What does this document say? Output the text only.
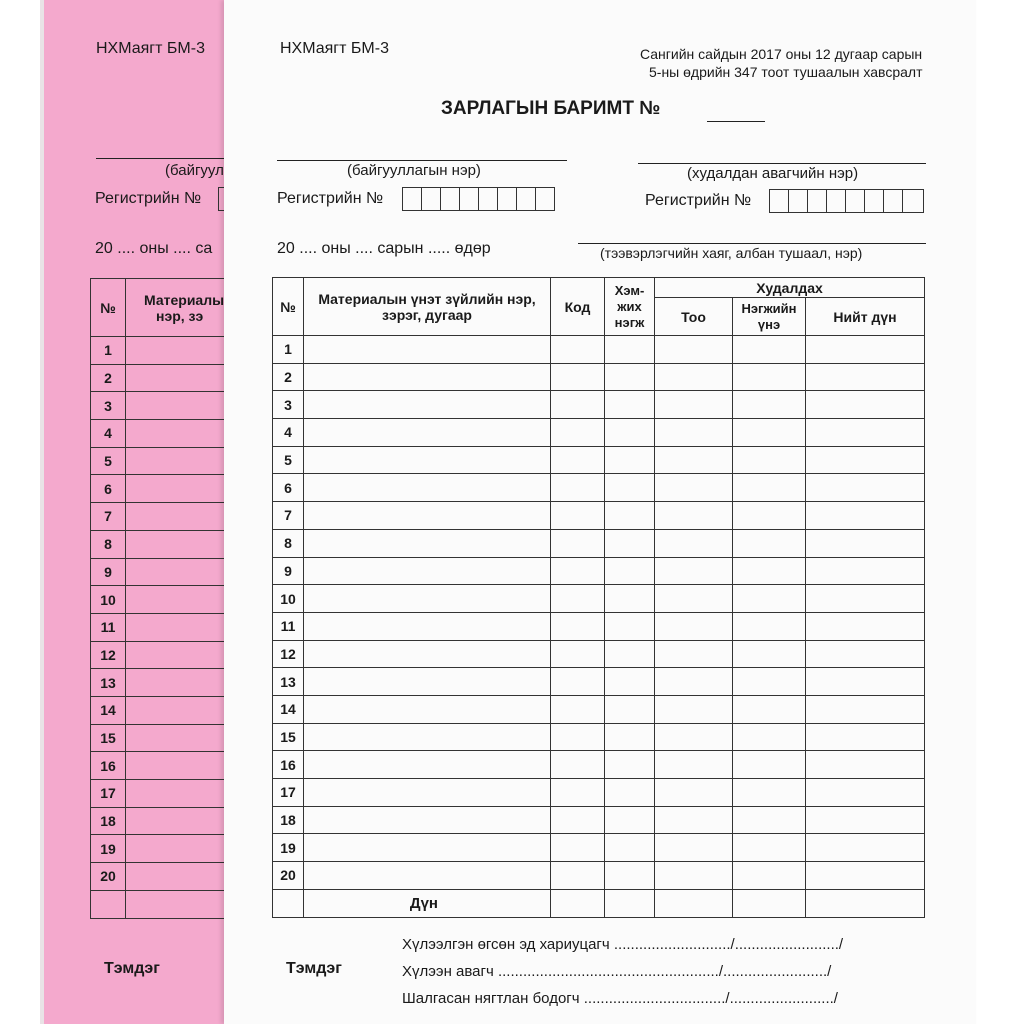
НХМаягт БМ-3
(байгуул
Регистрийн №
20 .... оны .... са
№	Материалы
нэр, зэ

1	
2	
3	
4	
5	
6	
7	
8	
9	
10	
11	
12	
13	
14	
15	
16	
17	
18	
19	
20	

Тэмдэг
НХМаягт БМ-3	Сангийн сайдын 2017 оны 12 дугаар сарын
5-ны өдрийн 347 тоот тушаалын хавсралт
ЗАРЛАГЫН БАРИМТ №
(байгууллагын нэр)	(худалдан авагчийн нэр)
Регистрийн №	Регистрийн №
20 .... оны .... сарын ..... өдөр	(тээвэрлэгчийн хаяг, албан тушаал, нэр)
№	Материалын үнэт зүйлийн нэр, зэрэг, дугаар	Код	Хэм-жих нэгж	Худалдах		
				Тоо	Нэгжийн үнэ	Нийт дүн
1						
2						
3						
4						
5						
6						
7						
8						
9						
10						
11						
12						
13						
14						
15						
16						
17						
18						
19						
20						
	Дүн					
Тэмдэг
Хүлээлгэн өгсөн эд хариуцагч ............................/........................./
Хүлээн авагч ...................................................../........................./
Шалгасан нягтлан бодогч ................................../........................./
